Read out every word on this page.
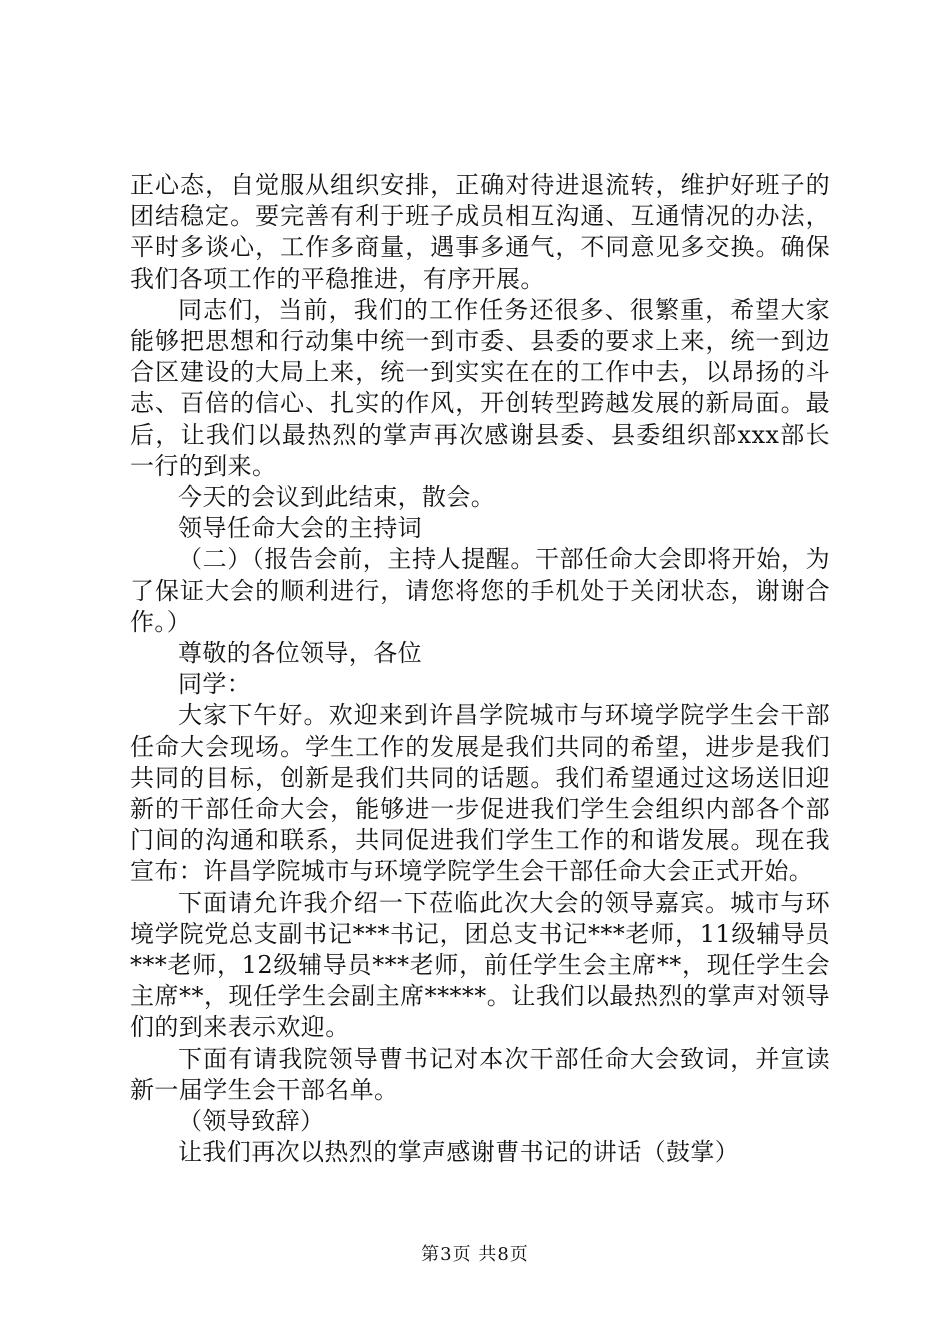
正心态，自觉服从组织安排，正确对待进退流转，维护好班子的团结稳定。要完善有利于班子成员相互沟通、互通情况的办法，平时多谈心，工作多商量，遇事多通气，不同意见多交换。确保我们各项工作的平稳推进，有序开展。

同志们，当前，我们的工作任务还很多、很繁重，希望大家能够把思想和行动集中统一到市委、县委的要求上来，统一到边合区建设的大局上来，统一到实实在在的工作中去，以昂扬的斗志、百倍的信心、扎实的作风，开创转型跨越发展的新局面。最后，让我们以最热烈的掌声再次感谢县委、县委组织部xxx部长一行的到来。

今天的会议到此结束，散会。

领导任命大会的主持词

（二）（报告会前，主持人提醒。干部任命大会即将开始，为了保证大会的顺利进行，请您将您的手机处于关闭状态，谢谢合作。）

尊敬的各位领导，各位

同学：

大家下午好。欢迎来到许昌学院城市与环境学院学生会干部任命大会现场。学生工作的发展是我们共同的希望，进步是我们共同的目标，创新是我们共同的话题。我们希望通过这场送旧迎新的干部任命大会，能够进一步促进我们学生会组织内部各个部门间的沟通和联系，共同促进我们学生工作的和谐发展。现在我宣布：许昌学院城市与环境学院学生会干部任命大会正式开始。

下面请允许我介绍一下莅临此次大会的领导嘉宾。城市与环境学院党总支副书记***书记，团总支书记***老师，11级辅导员***老师，12级辅导员***老师，前任学生会主席**，现任学生会主席**，现任学生会副主席*****。让我们以最热烈的掌声对领导们的到来表示欢迎。

下面有请我院领导曹书记对本次干部任命大会致词，并宣读新一届学生会干部名单。

（领导致辞）

让我们再次以热烈的掌声感谢曹书记的讲话（鼓掌）

第3页 共8页
